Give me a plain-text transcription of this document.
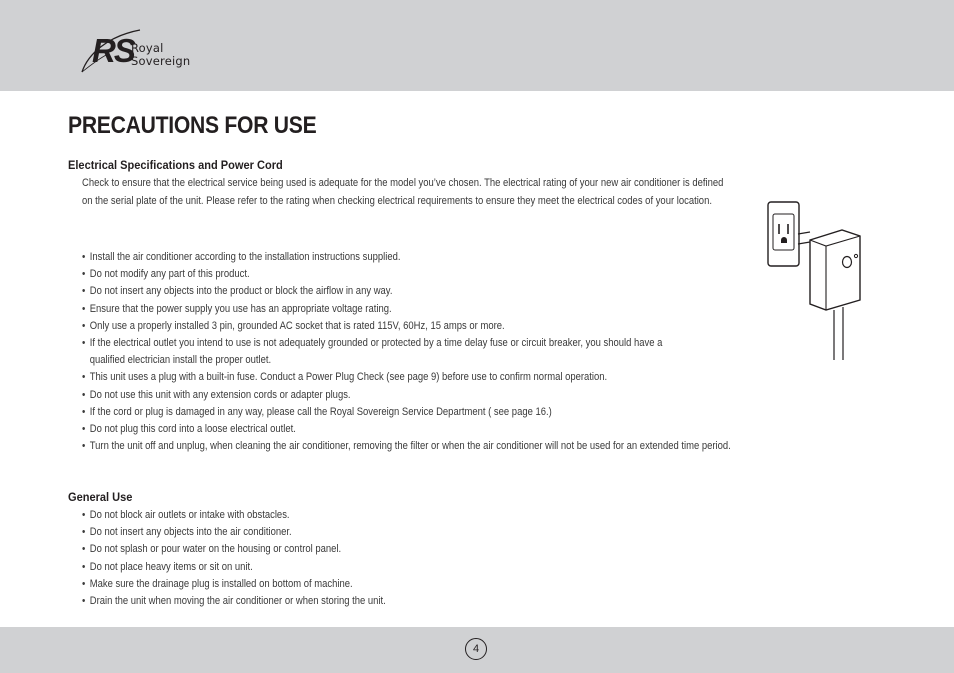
RS
Royal
Sovereign
PRECAUTIONS FOR USE
Electrical Specifications and Power Cord

Check to ensure that the electrical service being used is adequate for the model you’ve chosen. The electrical rating of your new air conditioner is defined on the serial plate of the unit. Please refer to the rating when checking electrical requirements to ensure they meet the electrical codes of your location.

• Install the air conditioner according to the installation instructions supplied.
• Do not modify any part of this product.
• Do not insert any objects into the product or block the airflow in any way.
• Ensure that the power supply you use has an appropriate voltage rating.
• Only use a properly installed 3 pin, grounded AC socket that is rated 115V, 60Hz, 15 amps or more.
• If the electrical outlet you intend to use is not adequately grounded or protected by a time delay fuse or circuit breaker, you should have a
qualified electrician install the proper outlet.
• This unit uses a plug with a built-in fuse. Conduct a Power Plug Check (see page 9) before use to confirm normal operation.
• Do not use this unit with any extension cords or adapter plugs.
• If the cord or plug is damaged in any way, please call the Royal Sovereign Service Department ( see page 16.)
• Do not plug this cord into a loose electrical outlet.
• Turn the unit off and unplug, when cleaning the air conditioner, removing the filter or when the air conditioner will not be used for an extended time period.
General Use
• Do not block air outlets or intake with obstacles.
• Do not insert any objects into the air conditioner.
• Do not splash or pour water on the housing or control panel.
• Do not place heavy items or sit on unit.
• Make sure the drainage plug is installed on bottom of machine.
• Drain the unit when moving the air conditioner or when storing the unit.
4
